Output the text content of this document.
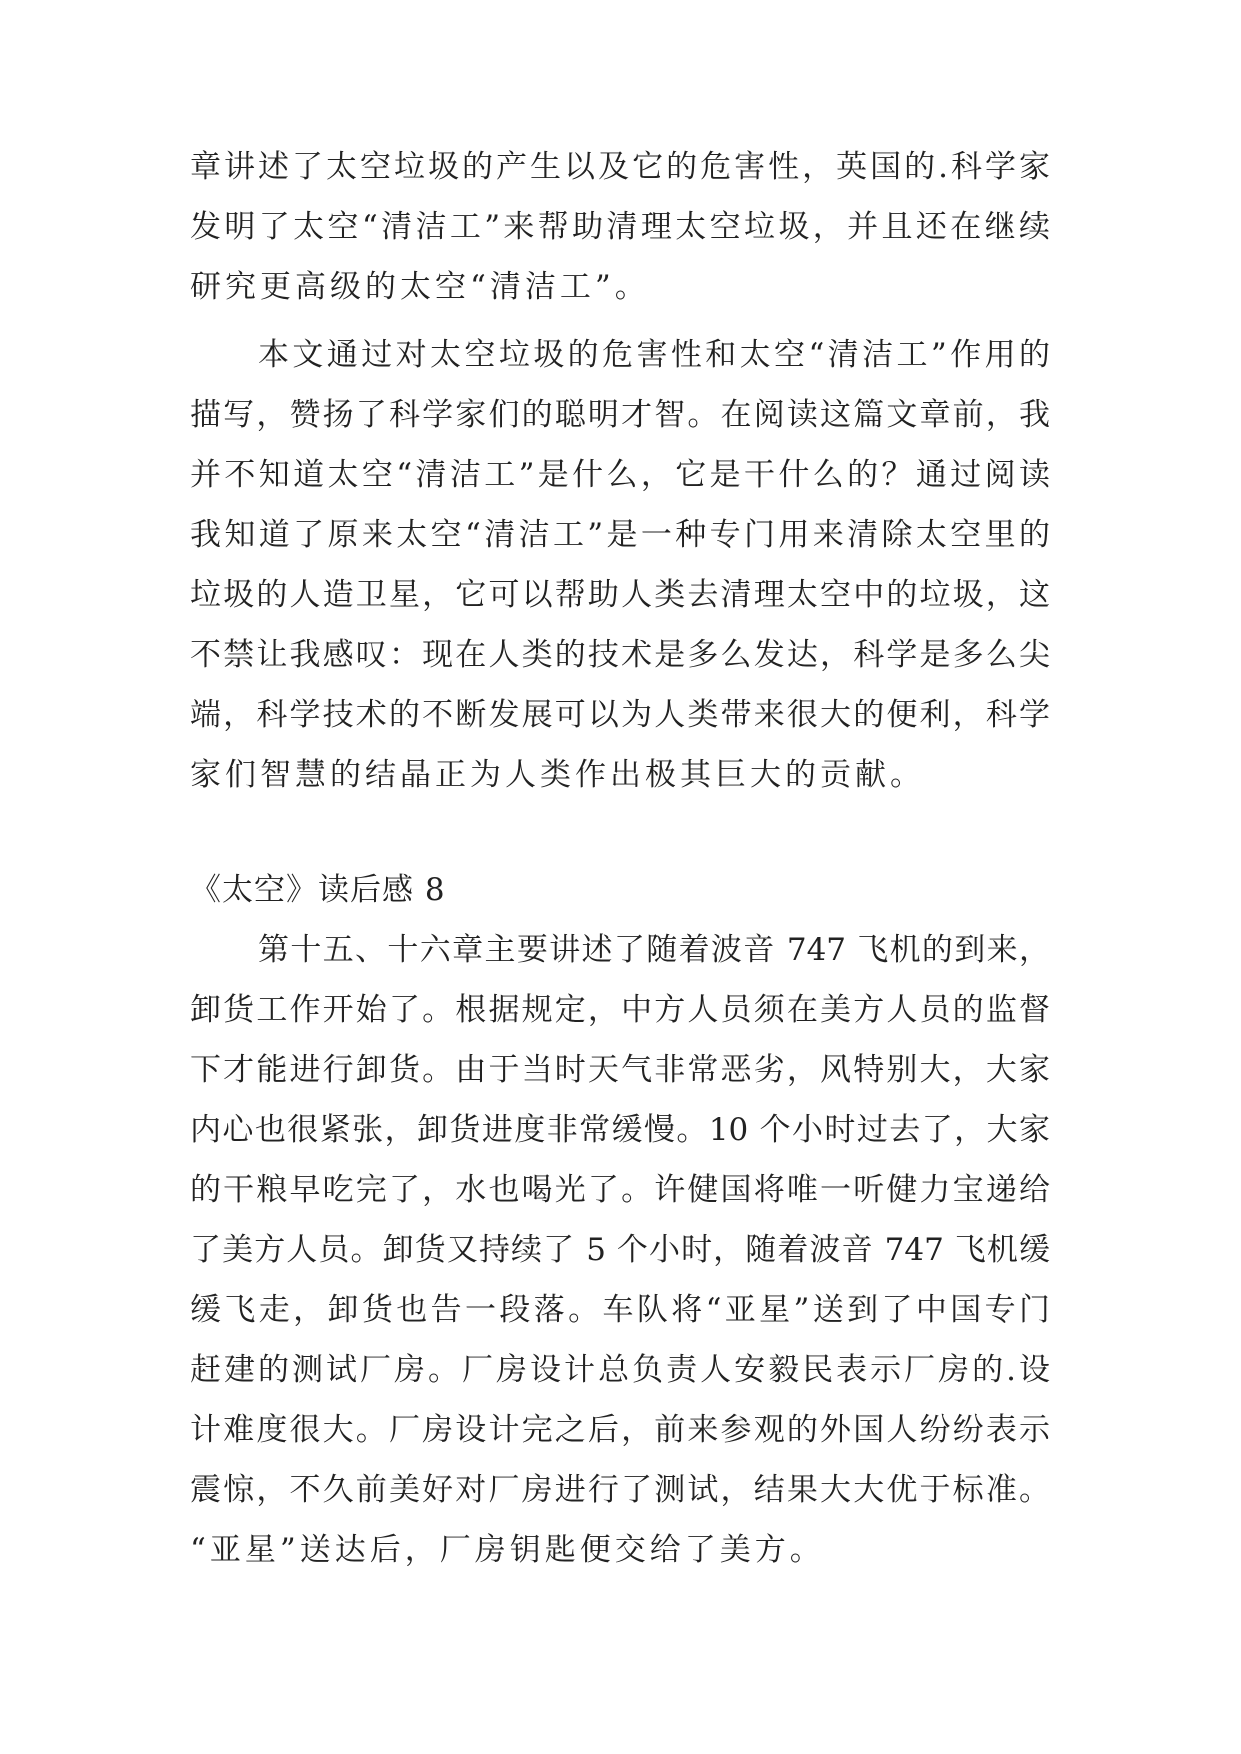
章讲述了太空垃圾的产生以及它的危害性，英国的.科学家
发明了太空“清洁工”来帮助清理太空垃圾，并且还在继续
研究更高级的太空“清洁工”。
本文通过对太空垃圾的危害性和太空“清洁工”作用的
描写，赞扬了科学家们的聪明才智。在阅读这篇文章前，我
并不知道太空“清洁工”是什么，它是干什么的？通过阅读
我知道了原来太空“清洁工”是一种专门用来清除太空里的
垃圾的人造卫星，它可以帮助人类去清理太空中的垃圾，这
不禁让我感叹：现在人类的技术是多么发达，科学是多么尖
端，科学技术的不断发展可以为人类带来很大的便利，科学
家们智慧的结晶正为人类作出极其巨大的贡献。
《太空》读后感 8
第十五、十六章主要讲述了随着波音 747 飞机的到来，
卸货工作开始了。根据规定，中方人员须在美方人员的监督
下才能进行卸货。由于当时天气非常恶劣，风特别大，大家
内心也很紧张，卸货进度非常缓慢。10 个小时过去了，大家
的干粮早吃完了，水也喝光了。许健国将唯一听健力宝递给
了美方人员。卸货又持续了 5 个小时，随着波音 747 飞机缓
缓飞走，卸货也告一段落。车队将“亚星”送到了中国专门
赶建的测试厂房。厂房设计总负责人安毅民表示厂房的.设
计难度很大。厂房设计完之后，前来参观的外国人纷纷表示
震惊，不久前美好对厂房进行了测试，结果大大优于标准。
“亚星”送达后，厂房钥匙便交给了美方。
